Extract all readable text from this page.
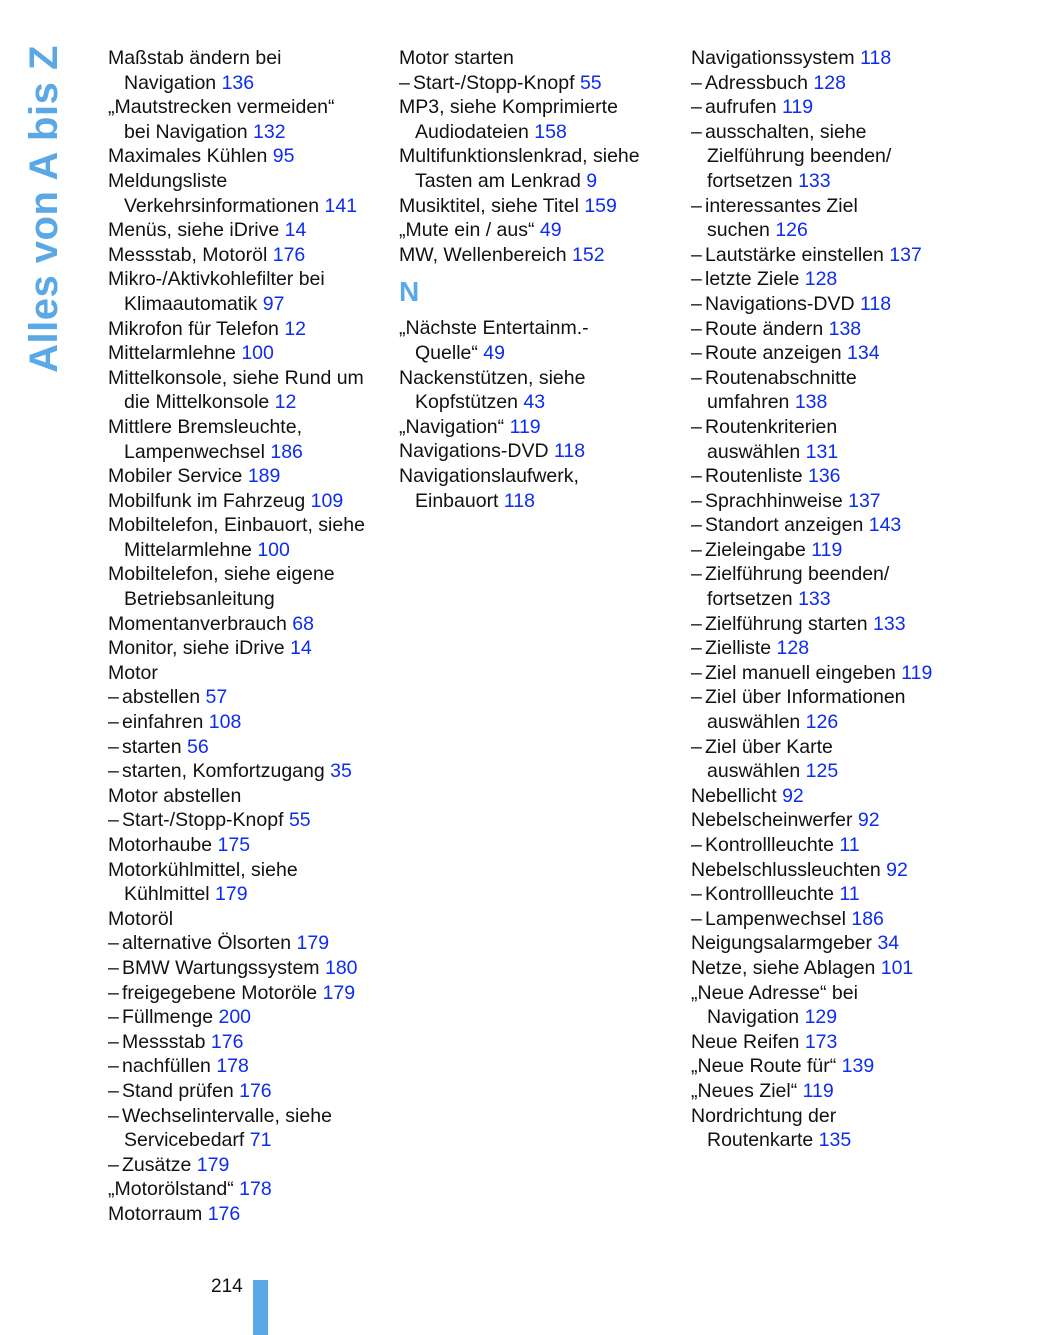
Alles von A bis Z Maßstab ändern bei
Navigation 136
„Mautstrecken vermeiden“
bei Navigation 132
Maximales Kühlen 95
Meldungsliste
Verkehrsinformationen 141
Menüs, siehe iDrive 14
Messstab, Motoröl 176
Mikro-/Aktivkohlefilter bei
Klimaautomatik 97
Mikrofon für Telefon 12
Mittelarmlehne 100
Mittelkonsole, siehe Rund um
die Mittelkonsole 12
Mittlere Bremsleuchte,
Lampenwechsel 186
Mobiler Service 189
Mobilfunk im Fahrzeug 109
Mobiltelefon, Einbauort, siehe
Mittelarmlehne 100
Mobiltelefon, siehe eigene
Betriebsanleitung
Momentanverbrauch 68
Monitor, siehe iDrive 14
Motor
– abstellen 57
– einfahren 108
– starten 56
– starten, Komfortzugang 35
Motor abstellen
– Start-/Stopp-Knopf 55
Motorhaube 175
Motorkühlmittel, siehe
Kühlmittel 179
Motoröl
– alternative Ölsorten 179
– BMW Wartungssystem 180
– freigegebene Motoröle 179
– Füllmenge 200
– Messstab 176
– nachfüllen 178
– Stand prüfen 176
– Wechselintervalle, siehe
Servicebedarf 71
– Zusätze 179
„Motorölstand“ 178
Motorraum 176
Motor starten
– Start-/Stopp-Knopf 55
MP3, siehe Komprimierte
Audiodateien 158
Multifunktionslenkrad, siehe
Tasten am Lenkrad 9
Musiktitel, siehe Titel 159
„Mute ein / aus“ 49
MW, Wellenbereich 152
N
„Nächste Entertainm.-
Quelle“ 49
Nackenstützen, siehe
Kopfstützen 43
„Navigation“ 119
Navigations-DVD 118
Navigationslaufwerk,
Einbauort 118
Navigationssystem 118
– Adressbuch 128
– aufrufen 119
– ausschalten, siehe
Zielführung beenden/
fortsetzen 133
– interessantes Ziel
suchen 126
– Lautstärke einstellen 137
– letzte Ziele 128
– Navigations-DVD 118
– Route ändern 138
– Route anzeigen 134
– Routenabschnitte
umfahren 138
– Routenkriterien
auswählen 131
– Routenliste 136
– Sprachhinweise 137
– Standort anzeigen 143
– Zieleingabe 119
– Zielführung beenden/
fortsetzen 133
– Zielführung starten 133
– Zielliste 128
– Ziel manuell eingeben 119
– Ziel über Informationen
auswählen 126
– Ziel über Karte
auswählen 125
Nebellicht 92
Nebelscheinwerfer 92
– Kontrollleuchte 11
Nebelschlussleuchten 92
– Kontrollleuchte 11
– Lampenwechsel 186
Neigungsalarmgeber 34
Netze, siehe Ablagen 101
„Neue Adresse“ bei
Navigation 129
Neue Reifen 173
„Neue Route für“ 139
„Neues Ziel“ 119
Nordrichtung der
Routenkarte 135
214
